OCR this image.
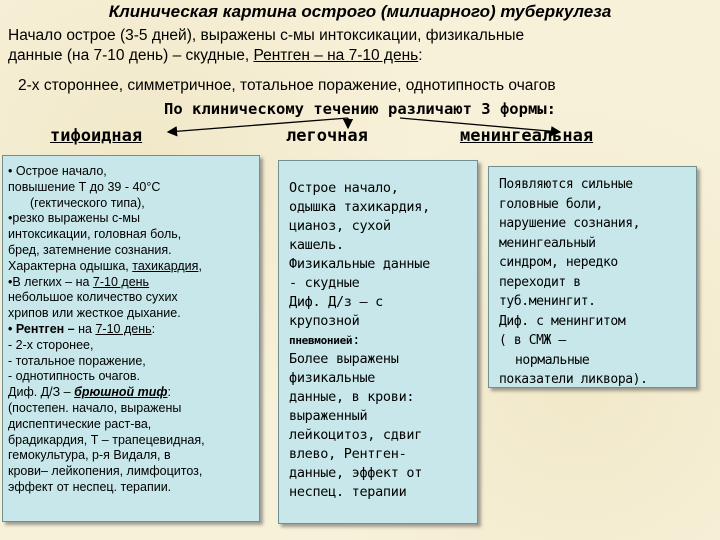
Клиническая картина острого (милиарного) туберкулеза
Начало острое (3-5 дней), выражены с-мы интоксикации, физикальные
данные (на 7-10 день) – скудные, Рентген – на 7-10 день:
2-х стороннее, симметричное, тотальное поражение, однотипность очагов
По клиническому течению различают 3 формы:
тифоидная	легочная	менингеальная
• Острое начало,
повышение Т до 39 - 40°С
(гектического типа),
•резко выражены с-мы
интоксикации, головная боль,
бред, затемнение сознания.
Характерна одышка, тахикардия,
•В легких – на 7-10 день
небольшое количество сухих
хрипов или жесткое дыхание.
• Рентген – на 7-10 день:
- 2-х сторонее,
- тотальное поражение,
- однотипность очагов.
Диф. Д/З – брюшной тиф:
(постепен. начало, выражены
диспептические раст-ва,
брадикардия, Т – трапецевидная,
гемокультура, р-я Видаля, в
крови– лейкопения, лимфоцитоз,
эффект от неспец. терапии.
Острое начало,
одышка тахикардия,
цианоз, сухой
кашель.
Физикальные данные
- скудные
Диф. Д/з – с
крупозной
пневмонией:
Более выражены
физикальные
данные, в крови:
выраженный
лейкоцитоз, сдвиг
влево, Рентген-
данные, эффект от
неспец. терапии
Появляются сильные
головные боли,
нарушение сознания,
менингеальный
синдром, нередко
переходит в
туб.менингит.
Диф. с менингитом
( в СМЖ –
нормальные
показатели ликвора).
